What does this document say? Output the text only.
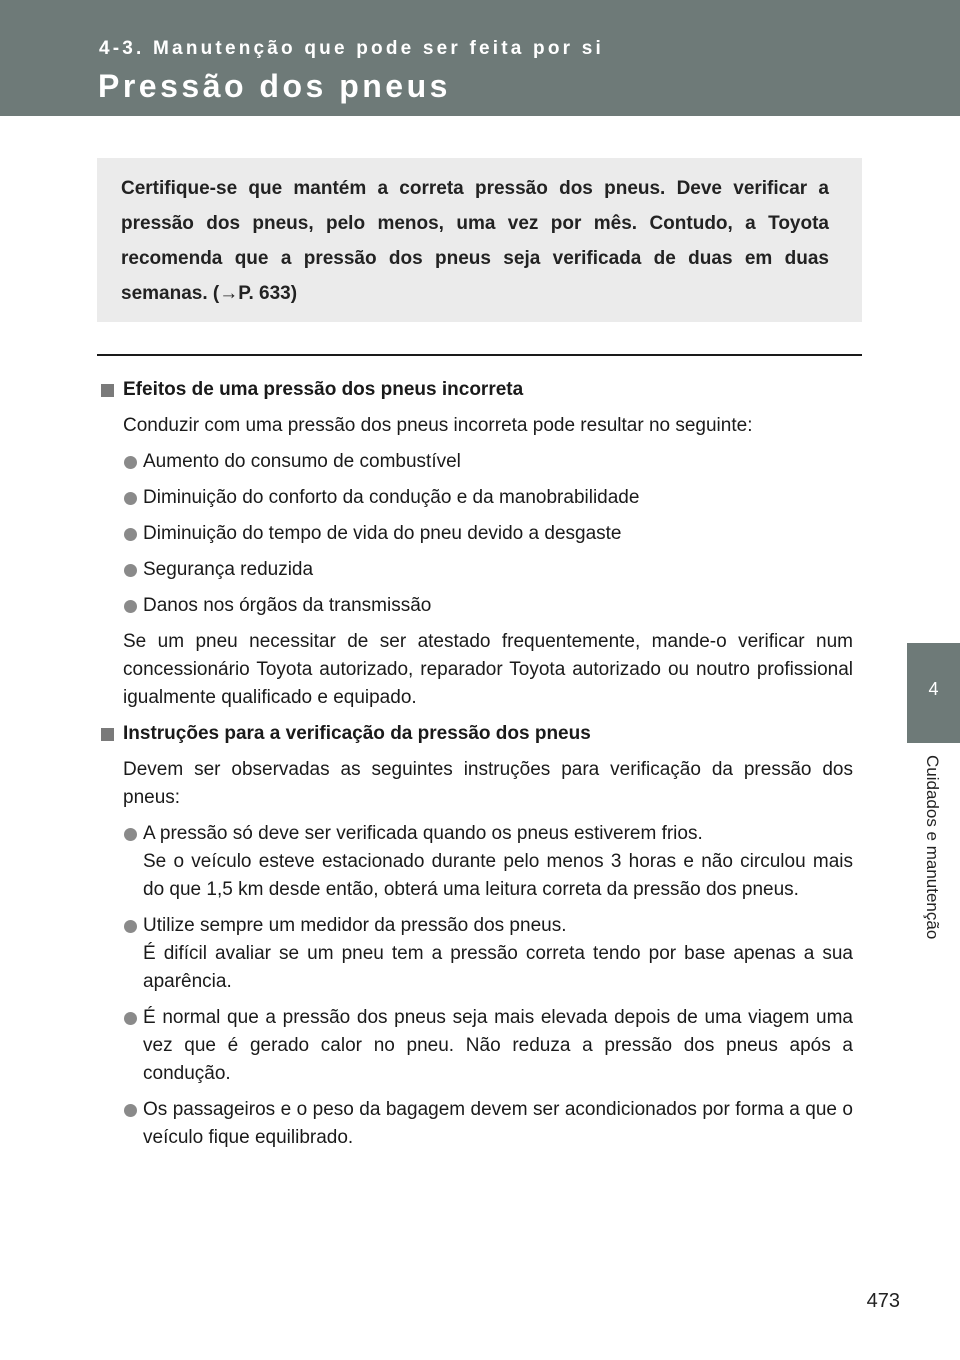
4-3. Manutenção que pode ser feita por si
Pressão dos pneus
Certifique-se que mantém a correta pressão dos pneus. Deve verificar a pressão dos pneus, pelo menos, uma vez por mês. Contudo, a Toyota recomenda que a pressão dos pneus seja verificada de duas em duas semanas. (→P. 633)
Efeitos de uma pressão dos pneus incorreta
Conduzir com uma pressão dos pneus incorreta pode resultar no seguinte:
Aumento do consumo de combustível
Diminuição do conforto da condução e da manobrabilidade
Diminuição do tempo de vida do pneu devido a desgaste
Segurança reduzida
Danos nos órgãos da transmissão
Se um pneu necessitar de ser atestado frequentemente, mande-o verificar num concessionário Toyota autorizado, reparador Toyota autorizado ou noutro profissional igualmente qualificado e equipado.
Instruções para a verificação da pressão dos pneus
Devem ser observadas as seguintes instruções para verificação da pressão dos pneus:
A pressão só deve ser verificada quando os pneus estiverem frios.
Se o veículo esteve estacionado durante pelo menos 3 horas e não circulou mais do que 1,5 km desde então, obterá uma leitura correta da pressão dos pneus.
Utilize sempre um medidor da pressão dos pneus.
É difícil avaliar se um pneu tem a pressão correta tendo por base apenas a sua aparência.
É normal que a pressão dos pneus seja mais elevada depois de uma viagem uma vez que é gerado calor no pneu. Não reduza a pressão dos pneus após a condução.
Os passageiros e o peso da bagagem devem ser acondicionados por forma a que o veículo fique equilibrado.
4
Cuidados e manutenção
473
